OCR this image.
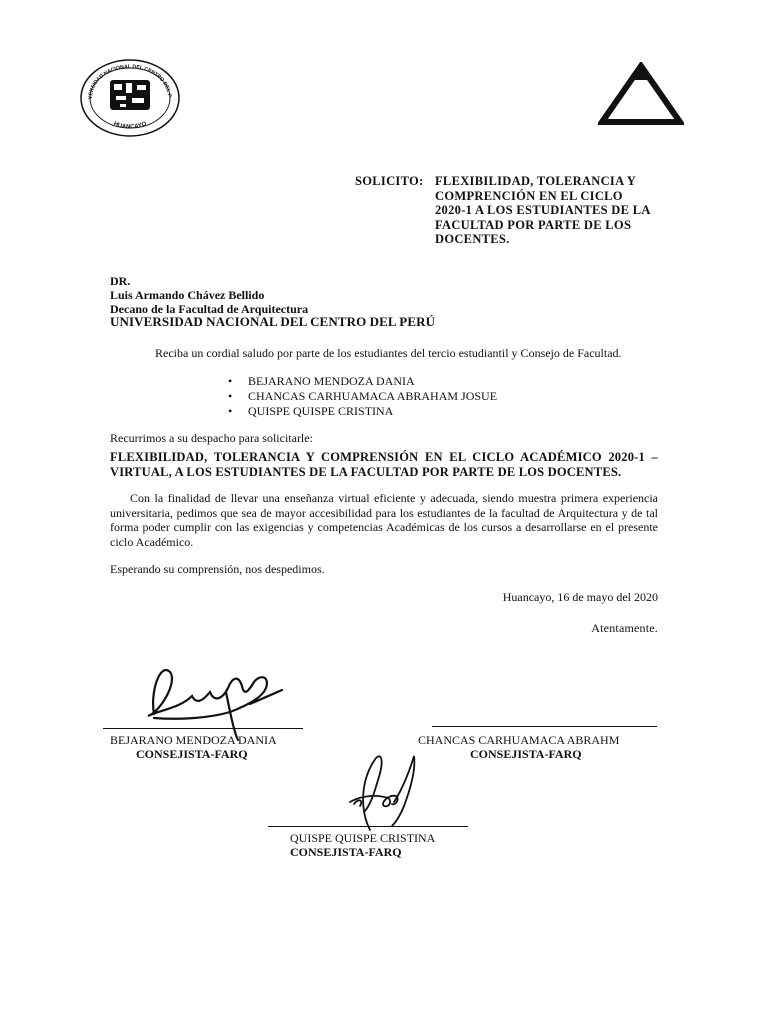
VERSIDAD NACIONAL DEL CENTRO DEL P
HUANCAYO
SOLICITO: FLEXIBILIDAD, TOLERANCIA Y
COMPRENCIÓN EN EL CICLO
2020-1 A LOS ESTUDIANTES DE LA
FACULTAD POR PARTE DE LOS
DOCENTES.
DR.
Luis Armando Chávez Bellido
Decano de la Facultad de Arquitectura
UNIVERSIDAD NACIONAL DEL CENTRO DEL PERÚ
Reciba un cordial saludo por parte de los estudiantes del tercio estudiantil y Consejo de Facultad.
• BEJARANO MENDOZA DANIA
• CHANCAS CARHUAMACA ABRAHAM JOSUE
• QUISPE QUISPE CRISTINA
Recurrimos a su despacho para solicitarle:
FLEXIBILIDAD, TOLERANCIA Y COMPRENSIÓN EN EL CICLO ACADÉMICO 2020-1 –
VIRTUAL, A LOS ESTUDIANTES DE LA FACULTAD POR PARTE DE LOS DOCENTES.
Con la finalidad de llevar una enseñanza virtual eficiente y adecuada, siendo muestra primera experiencia universitaria, pedimos que sea de mayor accesibilidad para los estudiantes de la facultad de Arquitectura y de tal forma poder cumplir con las exigencias y competencias Académicas de los cursos a desarrollarse en el presente ciclo Académico.
Esperando su comprensión, nos despedimos.
Huancayo, 16 de mayo del 2020
Atentamente.
BEJARANO MENDOZA DANIA
CONSEJISTA-FARQ
CHANCAS CARHUAMACA ABRAHM
CONSEJISTA-FARQ
QUISPE QUISPE CRISTINA
CONSEJISTA-FARQ
